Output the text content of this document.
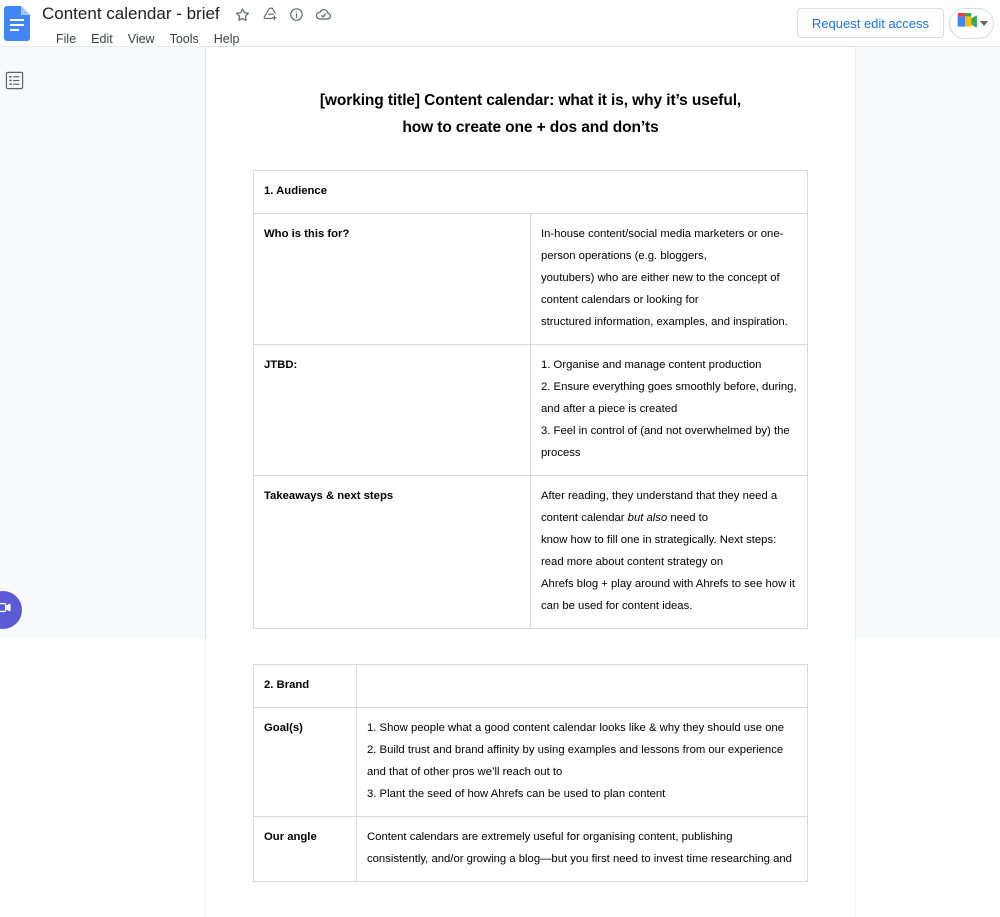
Content calendar - brief
File	Edit	View	Tools	Help
Request edit access
[working title] Content calendar: what it is, why it’s useful,
how to create one + dos and don’ts
1. Audience	
Who is this for?	In-house content/social media marketers or one-person operations (e.g. bloggers,

youtubers) who are either new to the concept of content calendars or looking for

structured information, examples, and inspiration.

JTBD:	1. Organise and manage content production

2. Ensure everything goes smoothly before, during, and after a piece is created

3. Feel in control of (and not overwhelmed by) the process

Takeaways & next steps	After reading, they understand that they need a content calendar but also need to

know how to fill one in strategically. Next steps: read more about content strategy on

Ahrefs blog + play around with Ahrefs to see how it can be used for content ideas.

2. Brand	
Goal(s)	1. Show people what a good content calendar looks like & why they should use one

2. Build trust and brand affinity by using examples and lessons from our experience

and that of other pros we’ll reach out to

3. Plant the seed of how Ahrefs can be used to plan content

Our angle	Content calendars are extremely useful for organising content, publishing

consistently, and/or growing a blog—but you first need to invest time researching and
